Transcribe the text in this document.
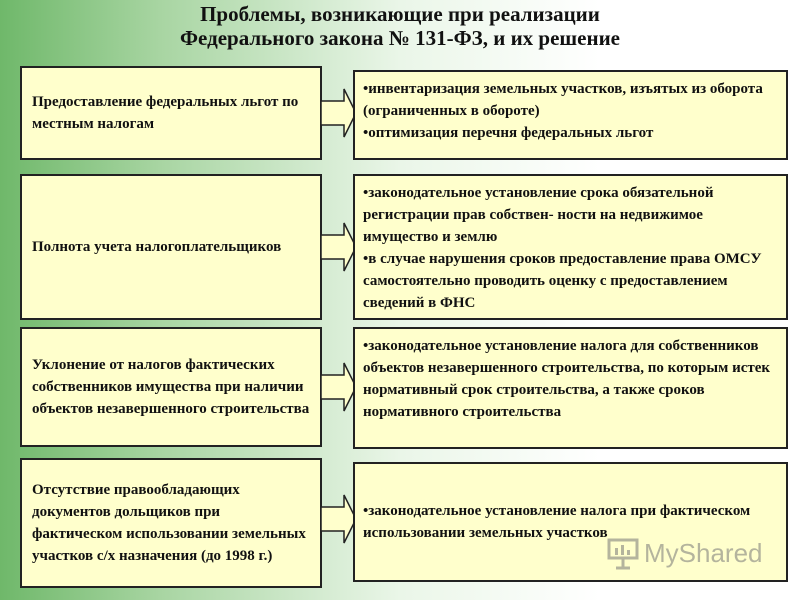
Проблемы, возникающие при реализации
Федерального закона № 131-ФЗ, и их решение
Предоставление федеральных льгот по местным налогам
• инвентаризация земельных участков, изъятых из оборота (ограниченных в обороте)
• оптимизация перечня федеральных льгот
Полнота учета налогоплательщиков
• законодательное установление срока обязательной регистрации прав собствен- ности на недвижимое имущество и землю
• в случае нарушения сроков предоставление права ОМСУ самостоятельно проводить оценку с предоставлением сведений в ФНС
Уклонение от налогов фактических собственников имущества при наличии объектов незавершенного строительства
• законодательное установление налога для собственников объектов незавершенного строительства, по которым истек нормативный срок строительства, а также сроков нормативного строительства
Отсутствие правообладающих документов дольщиков при фактическом использовании земельных участков с/х назначения (до 1998 г.)
• законодательное установление налога при фактическом использовании земельных участков
MyShared
